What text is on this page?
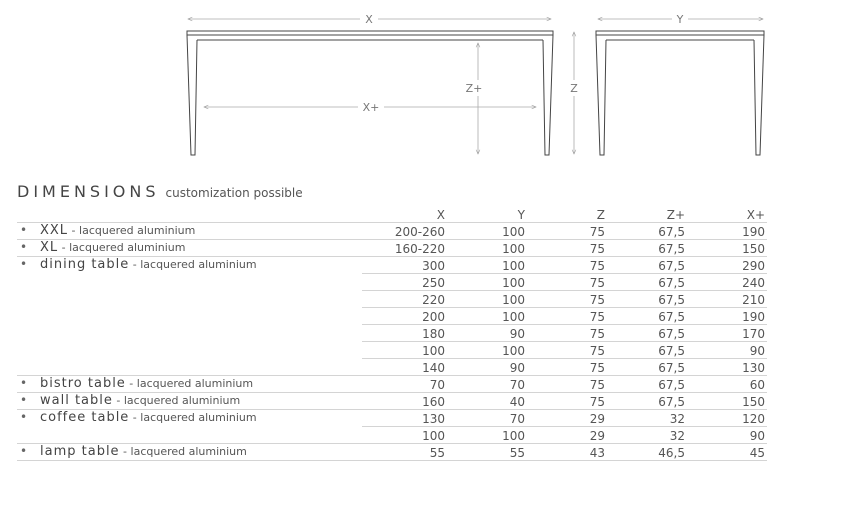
X	Y
X+
Z+	Z
DIMENSIONS customization possible
	X	Y	Z	Z+	X+
• XXL - lacquered aluminium	200-260	100	75	67,5	190
• XL - lacquered aluminium	160-220	100	75	67,5	150
• dining table - lacquered aluminium	300	100	75	67,5	290
	250	100	75	67,5	240
	220	100	75	67,5	210
	200	100	75	67,5	190
	180	90	75	67,5	170
	100	100	75	67,5	90
	140	90	75	67,5	130
• bistro table - lacquered aluminium	70	70	75	67,5	60
• wall table - lacquered aluminium	160	40	75	67,5	150
• coffee table - lacquered aluminium	130	70	29	32	120
	100	100	29	32	90
• lamp table - lacquered aluminium	55	55	43	46,5	45
